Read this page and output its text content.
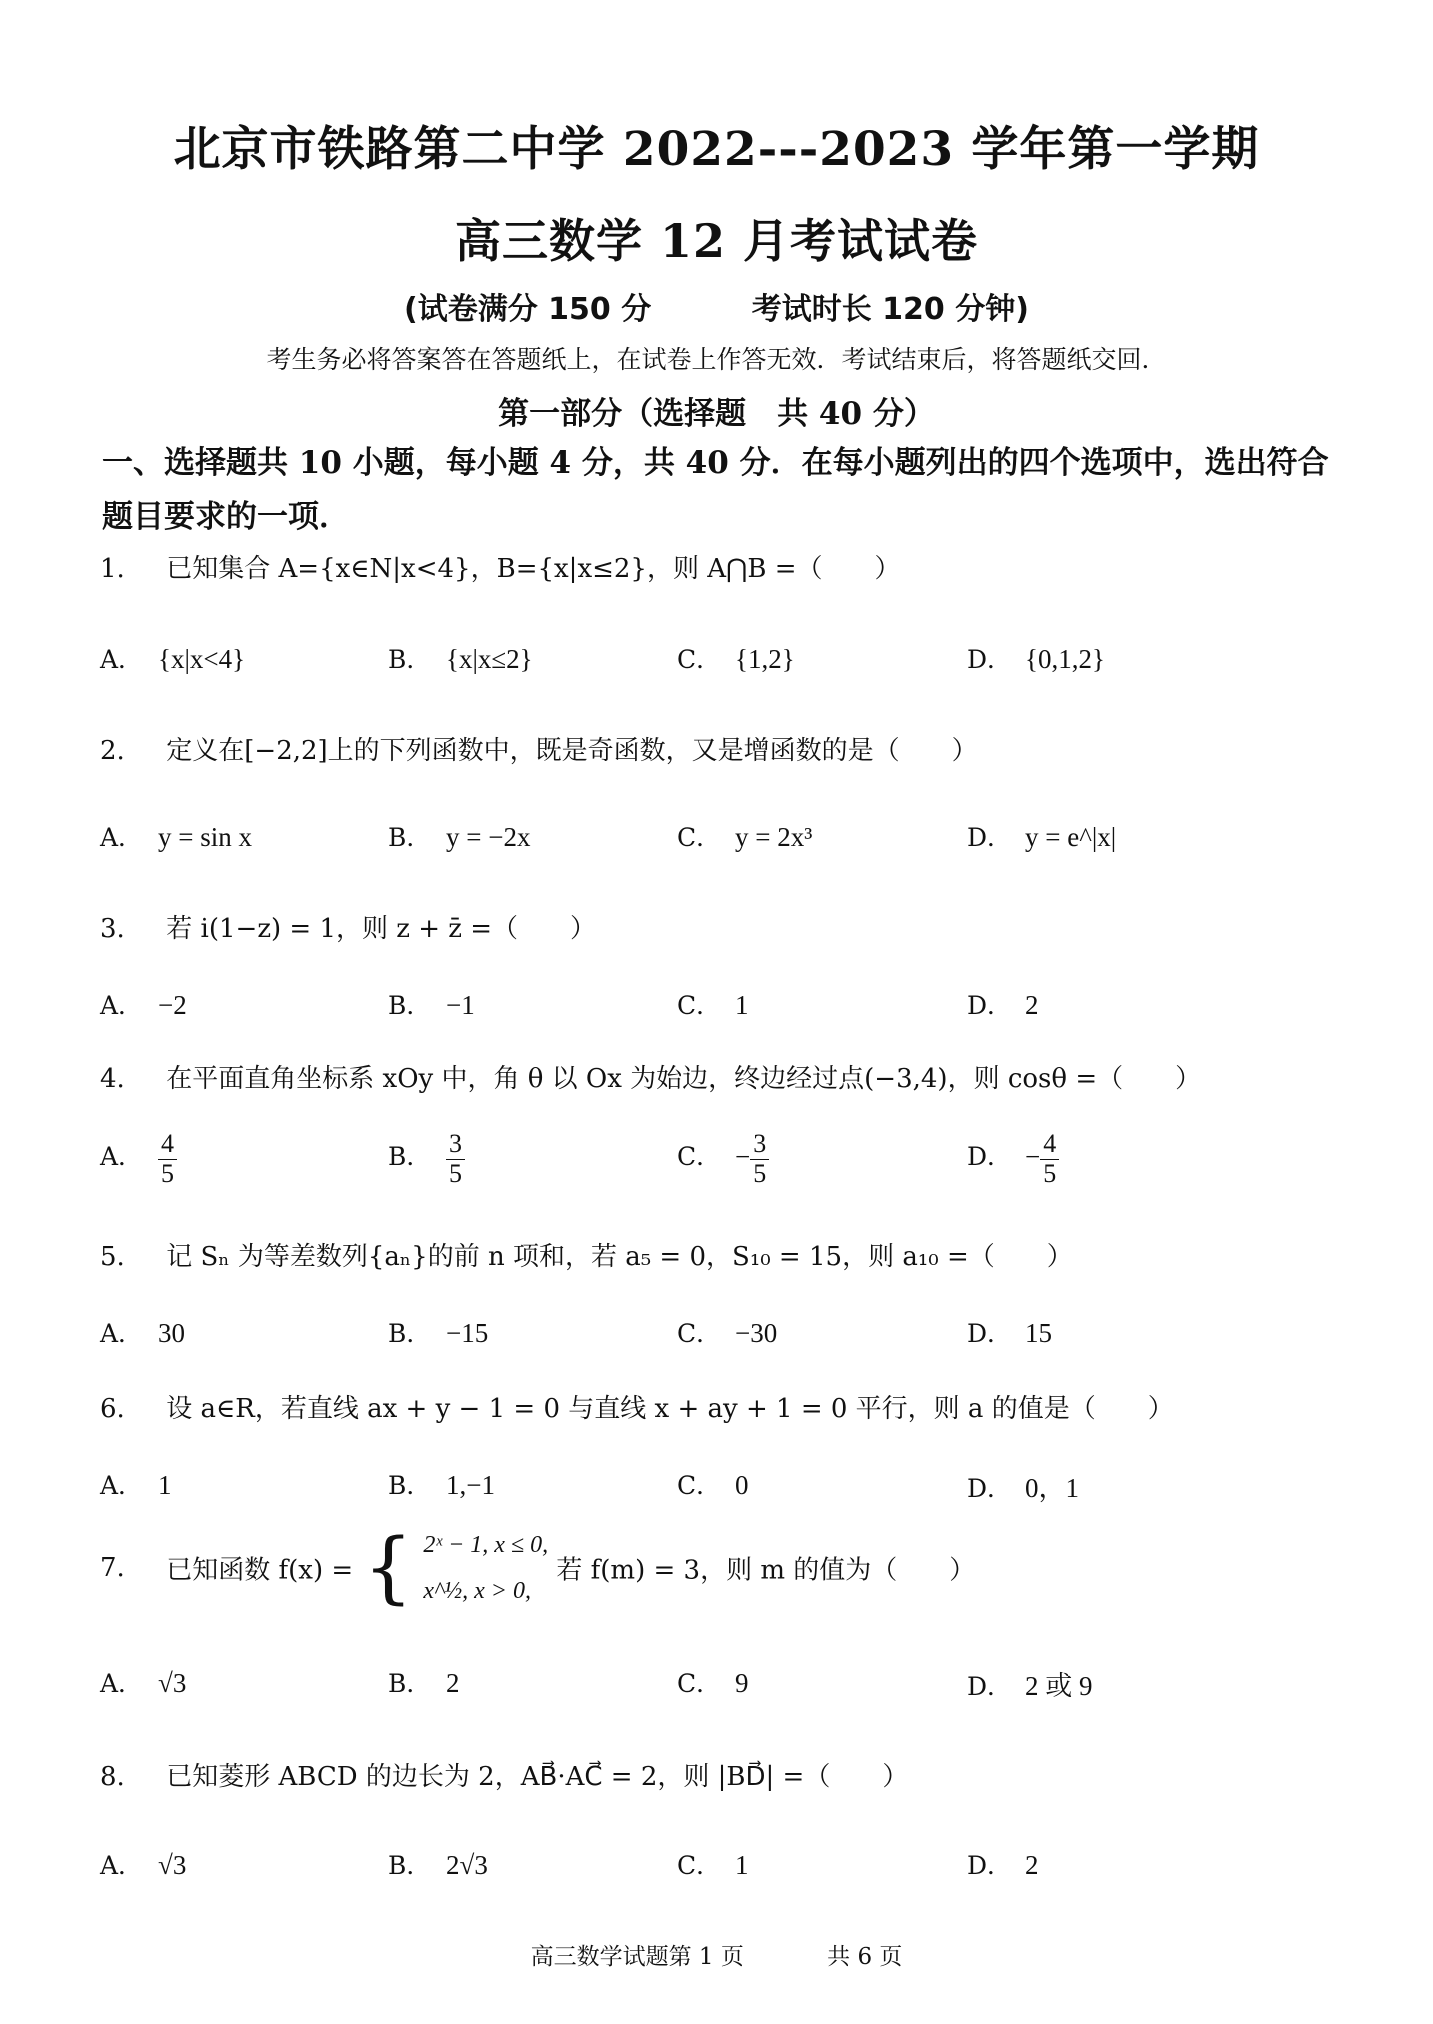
北京市铁路第二中学 2022---2023 学年第一学期
高三数学 12 月考试试卷
(试卷满分 150 分	考试时长 120 分钟)
考生务必将答案答在答题纸上，在试卷上作答无效．考试结束后，将答题纸交回．
第一部分（选择题　共 40 分）
一、选择题共 10 小题，每小题 4 分，共 40 分．在每小题列出的四个选项中，选出符合题目要求的一项．
1. 已知集合 A={x∈N|x<4}，B={x|x≤2}，则 A⋂B =（　　）
A． {x|x<4}	B． {x|x≤2}	C． {1,2}	D． {0,1,2}
2. 定义在[−2,2]上的下列函数中，既是奇函数，又是增函数的是（　　）
A． y = sin x	B． y = −2x	C． y = 2x³	D． y = e^|x|
3. 若 i(1−z) = 1，则 z + z̄ =（　　）
A． −2	B． −1	C． 1	D． 2
4. 在平面直角坐标系 xOy 中，角 θ 以 Ox 为始边，终边经过点(−3,4)，则 cosθ =（　　）
A． $\frac{4}{5}$	B． $\frac{3}{5}$	C． − $\frac{3}{5}$	D． − $\frac{4}{5}$
5. 记 Sₙ 为等差数列{aₙ}的前 n 项和，若 a₅ = 0，S₁₀ = 15，则 a₁₀ =（　　）
A． 30	B． −15	C． −30	D． 15
6. 设 a∈R，若直线 ax + y − 1 = 0 与直线 x + ay + 1 = 0 平行，则 a 的值是（　　）
A． 1	B． 1,−1	C． 0	D． 0，1
7. 已知函数 f(x) = { 2ˣ − 1, x ≤ 0,
x^½, x > 0,
若 f(m) = 3，则 m 的值为（　　）
A． √3	B． 2	C． 9	D． 2 或 9
8. 已知菱形 ABCD 的边长为 2，AB⃗·AC⃗ = 2，则 |BD⃗| =（　　）
A． √3	B． 2√3	C． 1	D． 2
高三数学试题第 1 页	共 6 页
